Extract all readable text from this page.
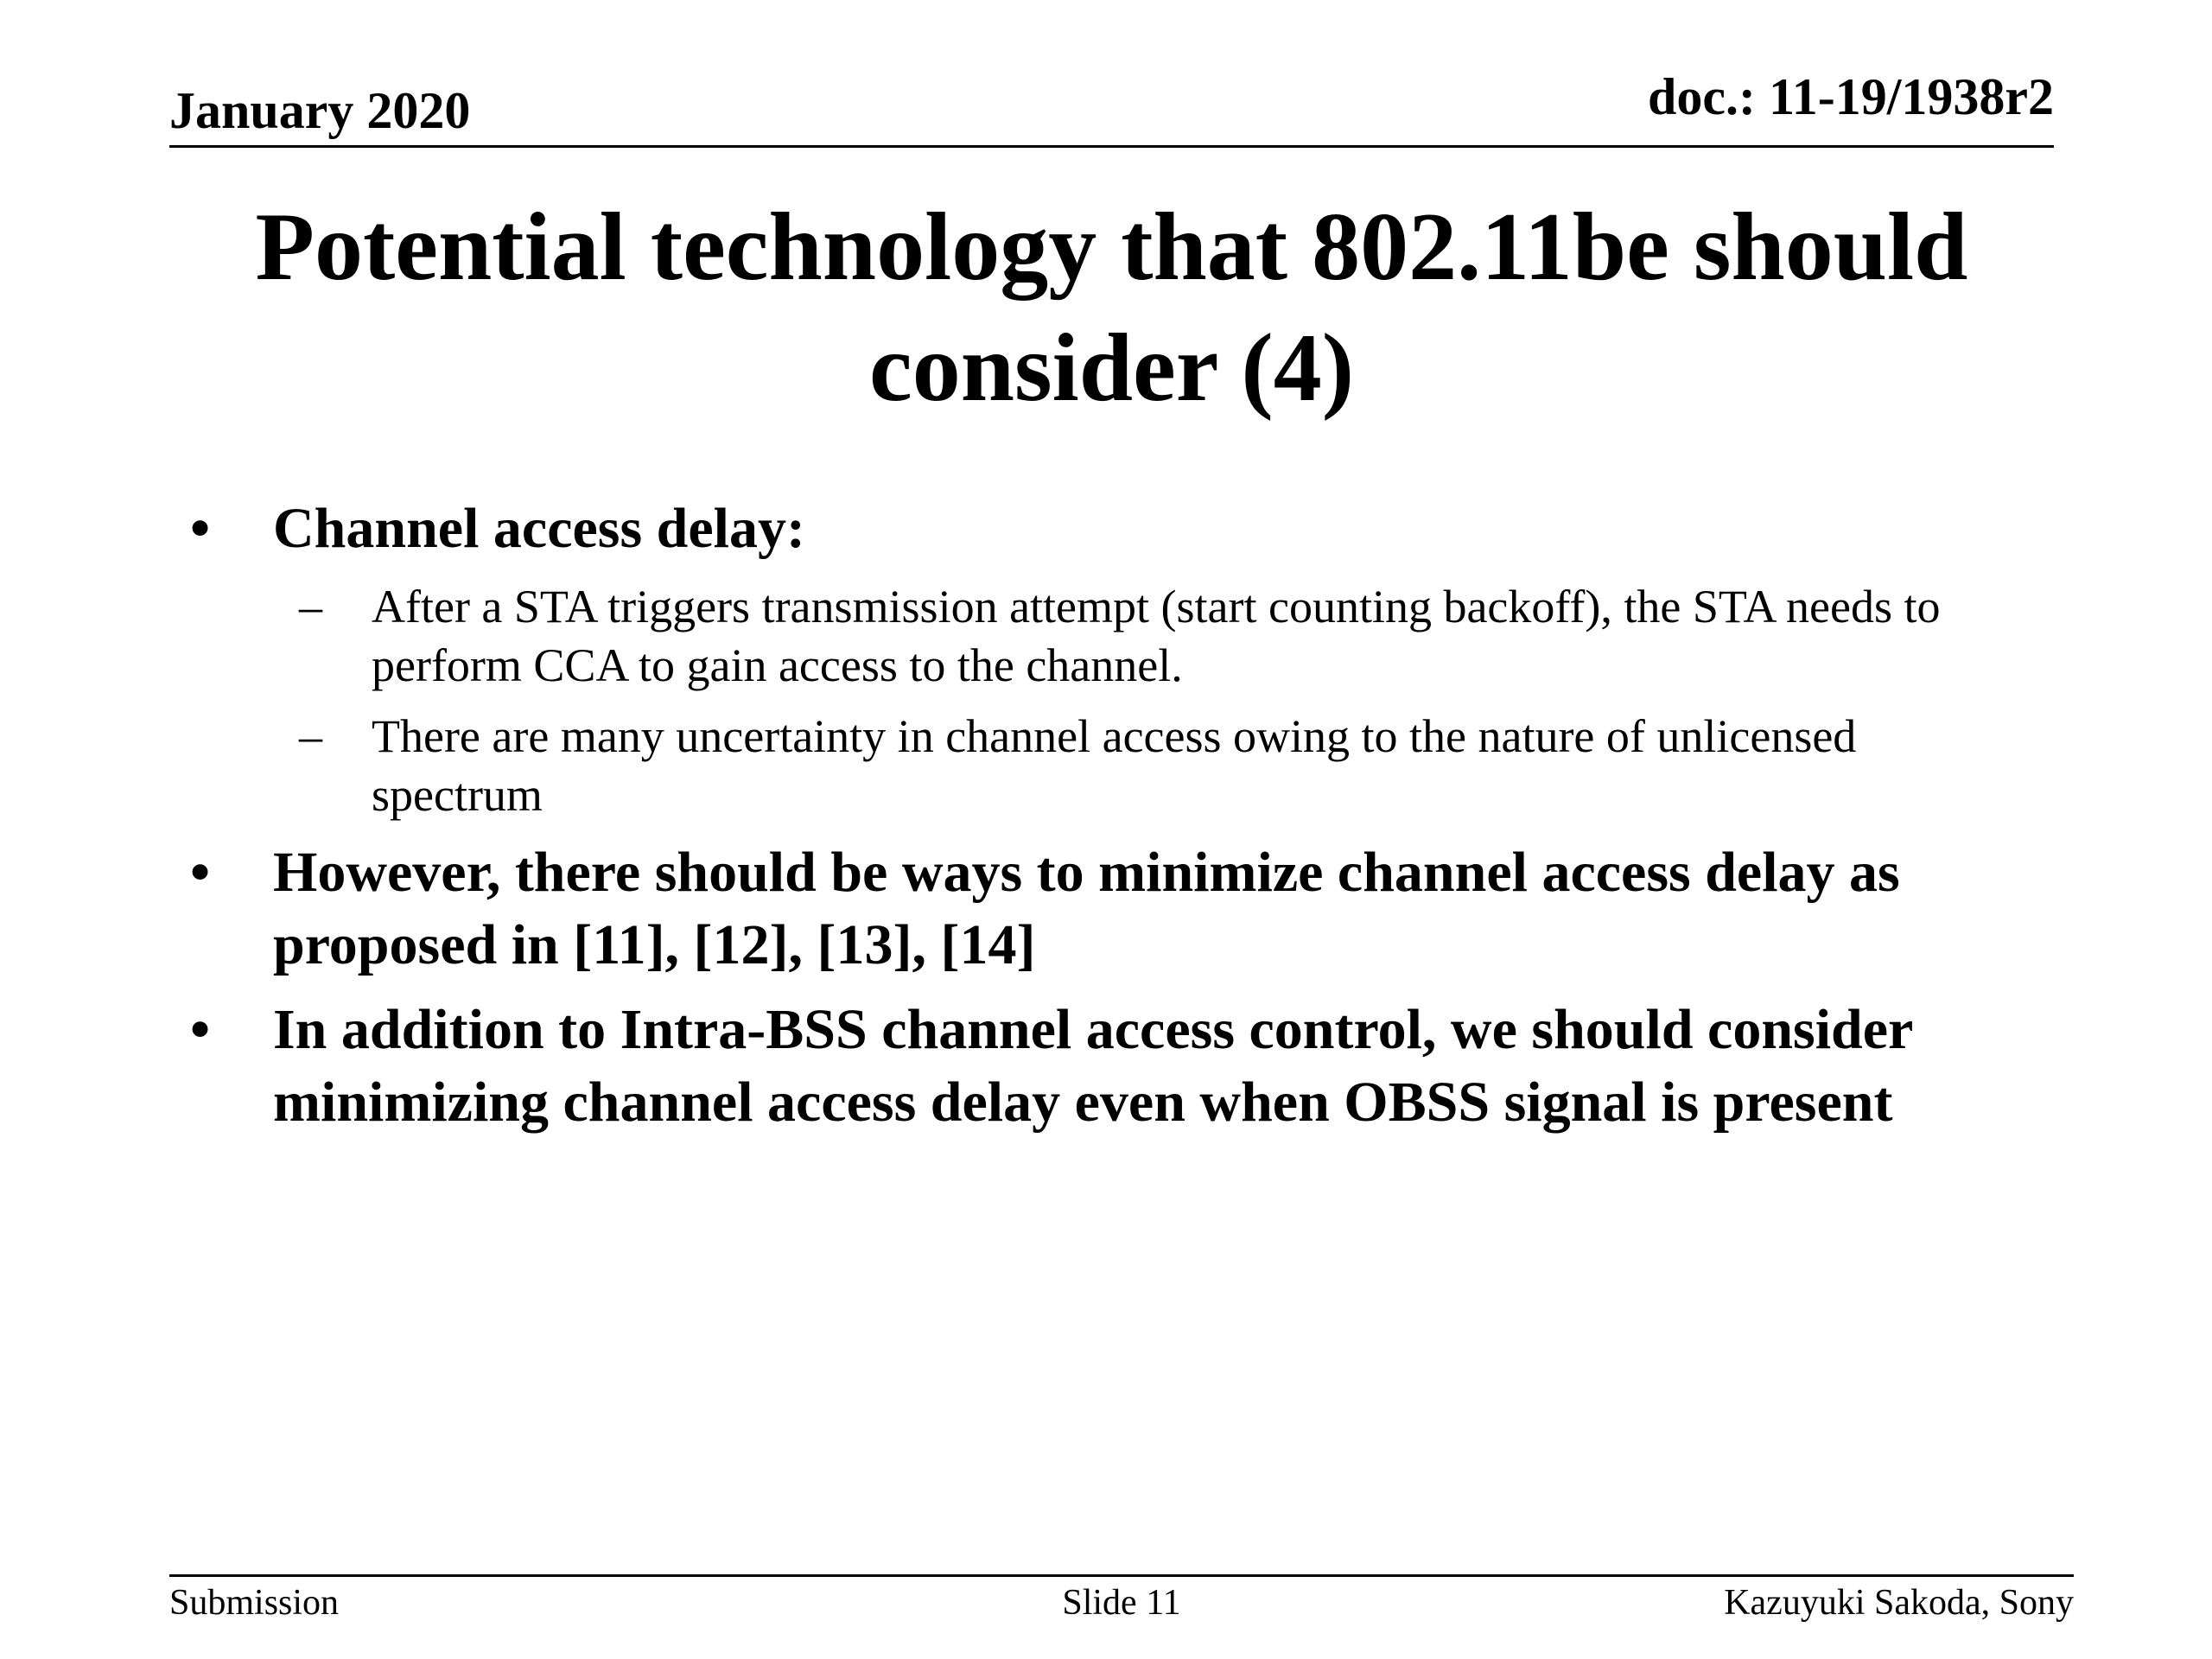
January 2020	doc.: 11-19/1938r2
Potential technology that 802.11be should
consider (4)
• Channel access delay:
– After a STA triggers transmission attempt (start counting backoff), the STA needs to perform CCA to gain access to the channel.
– There are many uncertainty in channel access owing to the nature of unlicensed spectrum
• However, there should be ways to minimize channel access delay as proposed in [11], [12], [13], [14]
• In addition to Intra-BSS channel access control, we should consider minimizing channel access delay even when OBSS signal is present
Submission	Slide 11	Kazuyuki Sakoda, Sony
